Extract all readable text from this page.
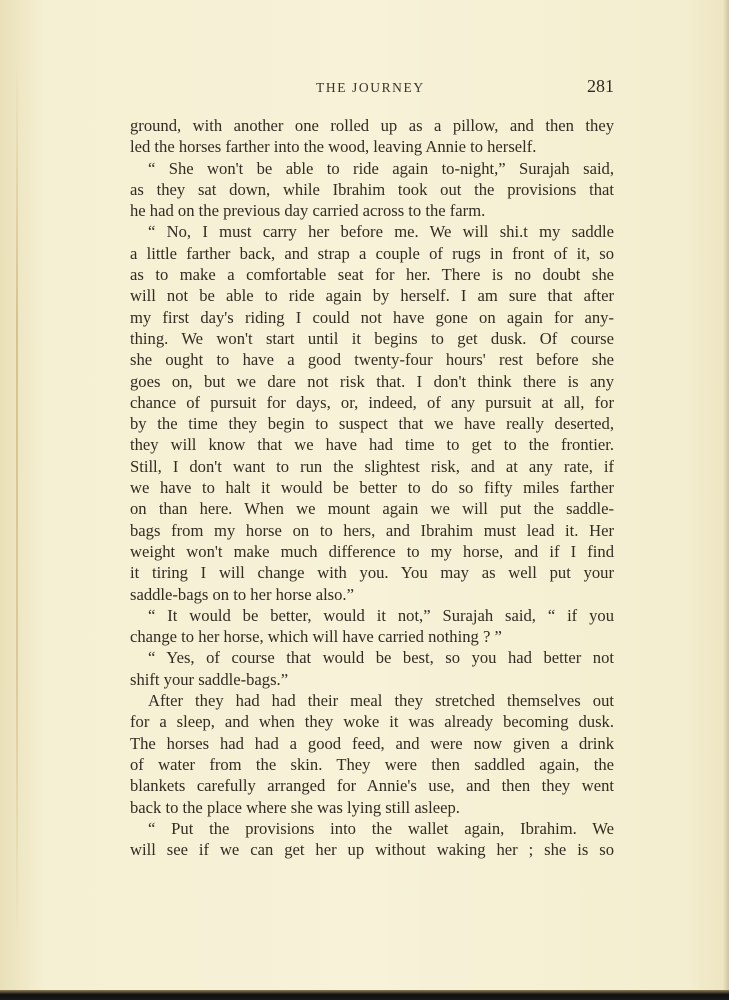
THE JOURNEY	281
ground, with another one rolled up as a pillow, and then they
led the horses farther into the wood, leaving Annie to herself.
“ She won't be able to ride again to-night,” Surajah said,
as they sat down, while Ibrahim took out the provisions that
he had on the previous day carried across to the farm.
“ No, I must carry her before me. We will shi.t my saddle
a little farther back, and strap a couple of rugs in front of it, so
as to make a comfortable seat for her. There is no doubt she
will not be able to ride again by herself. I am sure that after
my first day's riding I could not have gone on again for any-
thing. We won't start until it begins to get dusk. Of course
she ought to have a good twenty-four hours' rest before she
goes on, but we dare not risk that. I don't think there is any
chance of pursuit for days, or, indeed, of any pursuit at all, for
by the time they begin to suspect that we have really deserted,
they will know that we have had time to get to the frontier.
Still, I don't want to run the slightest risk, and at any rate, if
we have to halt it would be better to do so fifty miles farther
on than here. When we mount again we will put the saddle-
bags from my horse on to hers, and Ibrahim must lead it. Her
weight won't make much difference to my horse, and if I find
it tiring I will change with you. You may as well put your
saddle-bags on to her horse also.”
“ It would be better, would it not,” Surajah said, “ if you
change to her horse, which will have carried nothing ? ”
“ Yes, of course that would be best, so you had better not
shift your saddle-bags.”
After they had had their meal they stretched themselves out
for a sleep, and when they woke it was already becoming dusk.
The horses had had a good feed, and were now given a drink
of water from the skin. They were then saddled again, the
blankets carefully arranged for Annie's use, and then they went
back to the place where she was lying still asleep.
“ Put the provisions into the wallet again, Ibrahim. We
will see if we can get her up without waking her ; she is so
